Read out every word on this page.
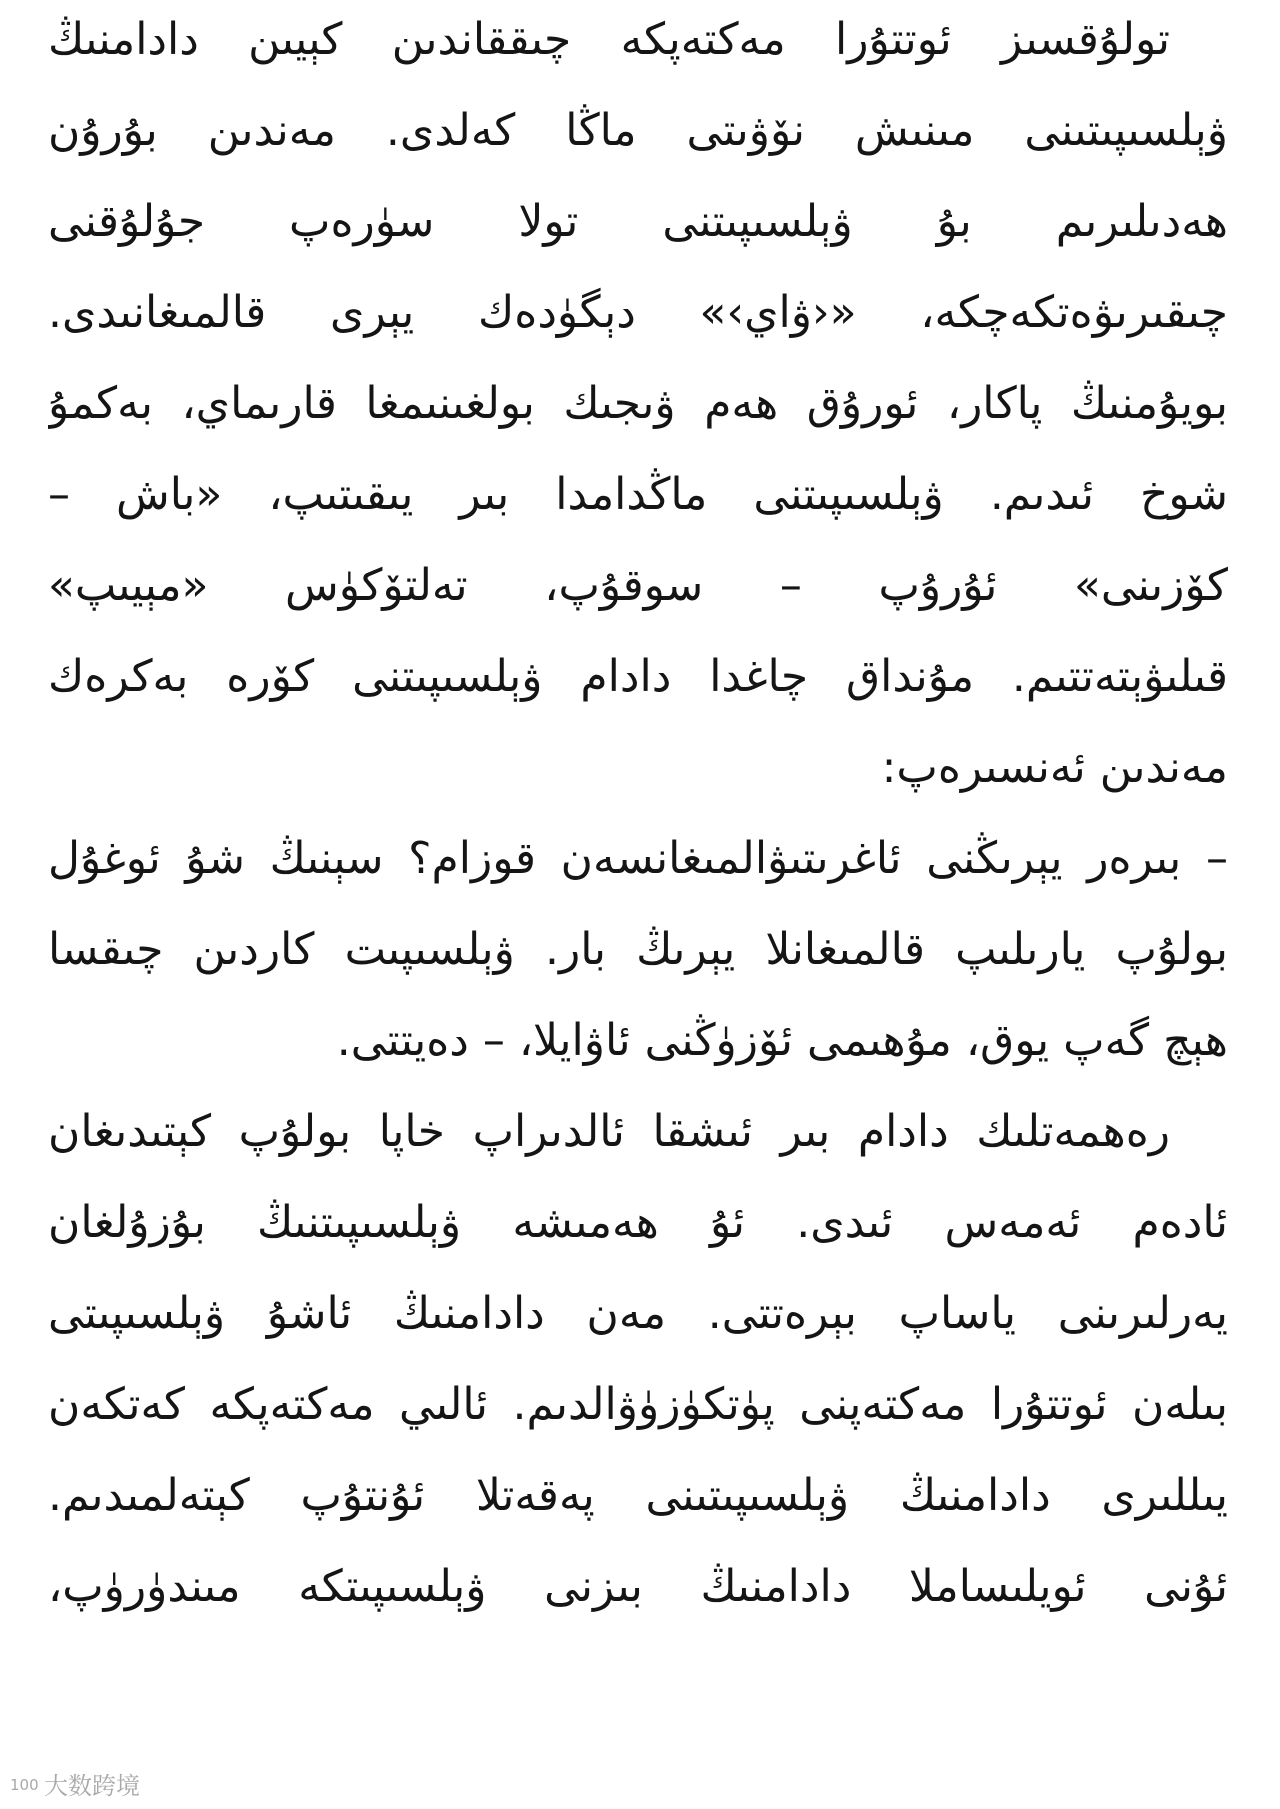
تولۇقسىز ئوتتۇرا مەكتەپكە چىققاندىن كېيىن دادامنىڭ
ۋېلسىپىتىنى مىنىش نۆۋىتى ماڭا كەلدى. مەندىن بۇرۇن
ھەدىلىرىم بۇ ۋېلسىپىتنى تولا سۈرەپ جۇلۇقنى
چىقىرىۋەتكەچكە، «‹ۋاي›» دېگۈدەك يېرى قالمىغانىدى.
بويۇمنىڭ پاكار، ئورۇق ھەم ۋىجىك بولغىنىمغا قارىماي، بەكمۇ
شوخ ئىدىم. ۋېلسىپىتنى ماڭدامدا بىر يىقىتىپ، «باش –
كۆزىنى» ئۇرۇپ – سوقۇپ، تەلتۆكۈس «مېيىپ»
قىلىۋېتەتتىم. مۇنداق چاغدا دادام ۋېلسىپىتنى كۆرە بەكرەك
مەندىن ئەنسىرەپ:
– بىرەر يېرىڭنى ئاغرىتىۋالمىغانسەن قوزام؟ سېنىڭ شۇ ئوغۇل
بولۇپ يارىلىپ قالمىغانلا يېرىڭ بار. ۋېلسىپىت كاردىن چىقسا
ھېچ گەپ يوق، مۇھىمى ئۆزۈڭنى ئاۋايلا، – دەيتتى.
رەھمەتلىك دادام بىر ئىشقا ئالدىراپ خاپا بولۇپ كېتىدىغان
ئادەم ئەمەس ئىدى. ئۇ ھەمىشە ۋېلسىپىتنىڭ بۇزۇلغان
يەرلىرىنى ياساپ بېرەتتى. مەن دادامنىڭ ئاشۇ ۋېلسىپىتى
بىلەن ئوتتۇرا مەكتەپنى پۈتكۈزۈۋالدىم. ئالىي مەكتەپكە كەتكەن
يىللىرى دادامنىڭ ۋېلسىپىتىنى پەقەتلا ئۇنتۇپ كېتەلمىدىم.
ئۇنى ئويلىساملا دادامنىڭ بىزنى ۋېلسىپىتكە مىندۈرۈپ،
100 大数跨境
